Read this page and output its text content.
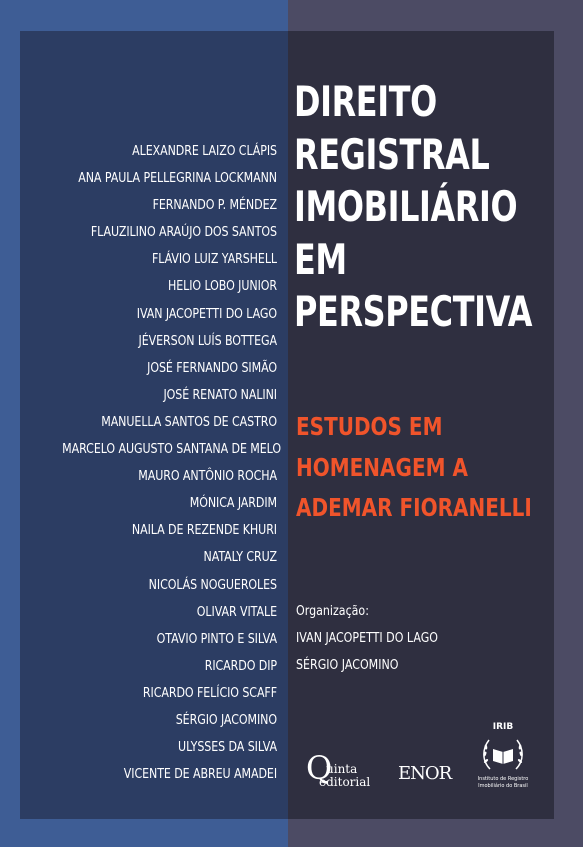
ALEXANDRE LAIZO CLÁPIS
ANA PAULA PELLEGRINA LOCKMANN
FERNANDO P. MÉNDEZ
FLAUZILINO ARAÚJO DOS SANTOS
FLÁVIO LUIZ YARSHELL
HELIO LOBO JUNIOR
IVAN JACOPETTI DO LAGO
JÉVERSON LUÍS BOTTEGA
JOSÉ FERNANDO SIMÃO
JOSÉ RENATO NALINI
MANUELLA SANTOS DE CASTRO
MARCELO AUGUSTO SANTANA DE MELO
MAURO ANTÔNIO ROCHA
MÓNICA JARDIM
NAILA DE REZENDE KHURI
NATALY CRUZ
NICOLÁS NOGUEROLES
OLIVAR VITALE
OTAVIO PINTO E SILVA
RICARDO DIP
RICARDO FELÍCIO SCAFF
SÉRGIO JACOMINO
ULYSSES DA SILVA
VICENTE DE ABREU AMADEI
DIREITO
REGISTRAL
IMOBILIÁRIO
EM
PERSPECTIVA
ESTUDOS EM
HOMENAGEM A
ADEMAR FIORANELLI
Organização:
IVAN JACOPETTI DO LAGO
SÉRGIO JACOMINO
Q
uinta
editorial ENOR
IRIB
Instituto de Registro
Imobiliário do Brasil
